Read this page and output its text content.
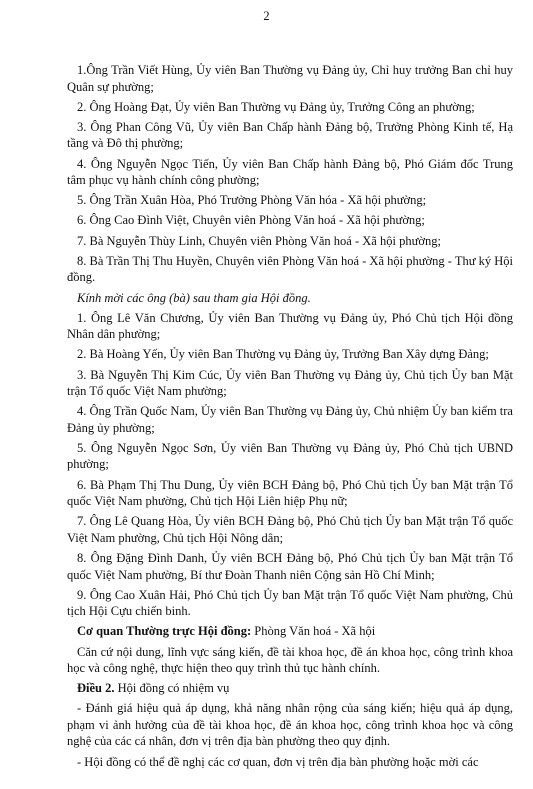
2

1.Ông Trần Viết Hùng, Ủy viên Ban Thường vụ Đảng ủy, Chỉ huy trưởng Ban chỉ huy Quân sự phường;

2. Ông Hoàng Đạt, Ủy viên Ban Thường vụ Đảng ủy, Trưởng Công an phường;

3. Ông Phan Công Vũ, Ủy viên Ban Chấp hành Đảng bộ, Trưởng Phòng Kinh tế, Hạ tầng và Đô thị phường;

4. Ông Nguyễn Ngọc Tiến, Ủy viên Ban Chấp hành Đảng bộ, Phó Giám đốc Trung tâm phục vụ hành chính công phường;

5. Ông Trần Xuân Hòa, Phó Trưởng Phòng Văn hóa - Xã hội phường;

6. Ông Cao Đình Việt, Chuyên viên Phòng Văn hoá - Xã hội phường;

7. Bà Nguyễn Thùy Linh, Chuyên viên Phòng Văn hoá - Xã hội phường;

8. Bà Trần Thị Thu Huyền, Chuyên viên Phòng Văn hoá - Xã hội phường - Thư ký Hội đồng.

Kính mời các ông (bà) sau tham gia Hội đồng.

1. Ông Lê Văn Chương, Ủy viên Ban Thường vụ Đảng ủy, Phó Chủ tịch Hội đồng Nhân dân phường;

2. Bà Hoàng Yến, Ủy viên Ban Thường vụ Đảng ủy, Trưởng Ban Xây dựng Đảng;

3. Bà Nguyễn Thị Kim Cúc, Ủy viên Ban Thường vụ Đảng ủy, Chủ tịch Ủy ban Mặt trận Tổ quốc Việt Nam phường;

4. Ông Trần Quốc Nam, Ủy viên Ban Thường vụ Đảng ủy, Chủ nhiệm Ủy ban kiểm tra Đảng ủy phường;

5. Ông Nguyễn Ngọc Sơn, Ủy viên Ban Thường vụ Đảng ủy, Phó Chủ tịch UBND phường;

6. Bà Phạm Thị Thu Dung, Ủy viên BCH Đảng bộ, Phó Chủ tịch Ủy ban Mặt trận Tổ quốc Việt Nam phường, Chủ tịch Hội Liên hiệp Phụ nữ;

7. Ông Lê Quang Hòa, Ủy viên BCH Đảng bộ, Phó Chủ tịch Ủy ban Mặt trận Tổ quốc Việt Nam phường, Chủ tịch Hội Nông dân;

8. Ông Đặng Đình Danh, Ủy viên BCH Đảng bộ, Phó Chủ tịch Ủy ban Mặt trận Tổ quốc Việt Nam phường, Bí thư Đoàn Thanh niên Cộng sản Hồ Chí Minh;

9. Ông Cao Xuân Hải, Phó Chủ tịch Ủy ban Mặt trận Tổ quốc Việt Nam phường, Chủ tịch Hội Cựu chiến binh.

Cơ quan Thường trực Hội đồng: Phòng Văn hoá - Xã hội

Căn cứ nội dung, lĩnh vực sáng kiến, đề tài khoa học, đề án khoa học, công trình khoa học và công nghệ, thực hiện theo quy trình thủ tục hành chính.

Điều 2. Hội đồng có nhiệm vụ

- Đánh giá hiệu quả áp dụng, khả năng nhân rộng của sáng kiến; hiệu quả áp dụng, phạm vi ảnh hưởng của đề tài khoa học, đề án khoa học, công trình khoa học và công nghệ của các cá nhân, đơn vị trên địa bàn phường theo quy định.

- Hội đồng có thể đề nghị các cơ quan, đơn vị trên địa bàn phường hoặc mời các
